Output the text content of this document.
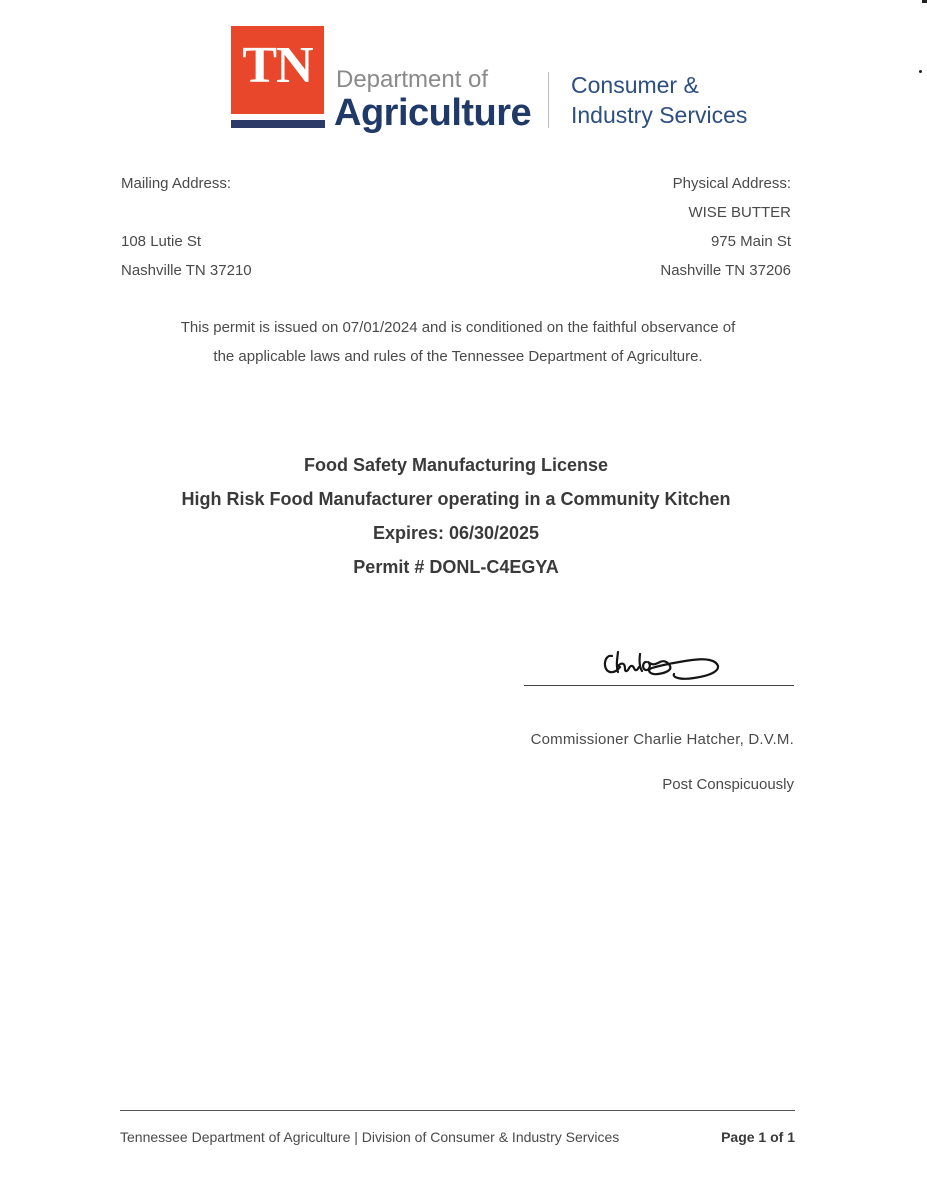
TN Department of
Agriculture
Consumer &
Industry Services
Mailing Address:
108 Lutie St
Nashville TN 37210
Physical Address:
WISE BUTTER
975 Main St
Nashville TN 37206
This permit is issued on 07/01/2024 and is conditioned on the faithful observance of
the applicable laws and rules of the Tennessee Department of Agriculture.
Food Safety Manufacturing License
High Risk Food Manufacturer operating in a Community Kitchen
Expires: 06/30/2025
Permit # DONL-C4EGYA
Commissioner Charlie Hatcher, D.V.M.
Post Conspicuously
Tennessee Department of Agriculture | Division of Consumer & Industry Services	Page 1 of 1
